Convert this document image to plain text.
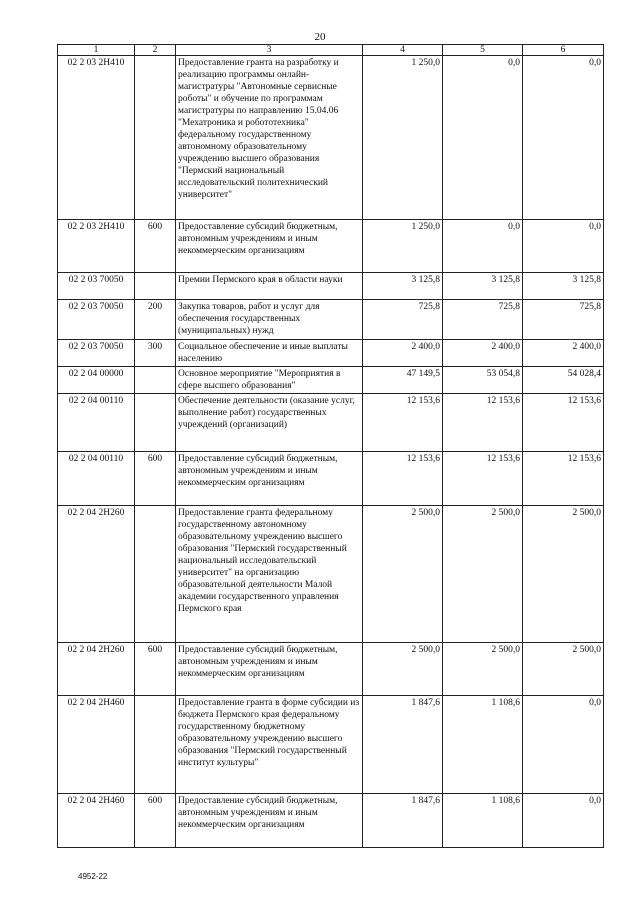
20
1	2	3	4	5	6
02 2 03 2Н410		Предоставление гранта на разработку и реализацию программы онлайн-магистратуры "Автономные сервисные роботы" и обучение по программам магистратуры по направлению 15.04.06 "Мехатроника и робототехника" федеральному государственному автономному образовательному учреждению высшего образования "Пермский национальный исследовательский политехнический университет"	1 250,0	0,0	0,0
02 2 03 2Н410	600	Предоставление субсидий бюджетным, автономным учреждениям и иным некоммерческим организациям	1 250,0	0,0	0,0
02 2 03 70050		Премии Пермского края в области науки	3 125,8	3 125,8	3 125,8
02 2 03 70050	200	Закупка товаров, работ и услуг для обеспечения государственных (муниципальных) нужд	725,8	725,8	725,8
02 2 03 70050	300	Социальное обеспечение и иные выплаты населению	2 400,0	2 400,0	2 400,0
02 2 04 00000		Основное мероприятие "Мероприятия в сфере высшего образования"	47 149,5	53 054,8	54 028,4
02 2 04 00110		Обеспечение деятельности (оказание услуг, выполнение работ) государственных учреждений (организаций)	12 153,6	12 153,6	12 153,6
02 2 04 00110	600	Предоставление субсидий бюджетным, автономным учреждениям и иным некоммерческим организациям	12 153,6	12 153,6	12 153,6
02 2 04 2Н260		Предоставление гранта федеральному государственному автономному образовательному учреждению высшего образования "Пермский государственный национальный исследовательский университет" на организацию образовательной деятельности Малой академии государственного управления Пермского края	2 500,0	2 500,0	2 500,0
02 2 04 2Н260	600	Предоставление субсидий бюджетным, автономным учреждениям и иным некоммерческим организациям	2 500,0	2 500,0	2 500,0
02 2 04 2Н460		Предоставление гранта в форме субсидии из бюджета Пермского края федеральному государственному бюджетному образовательному учреждению высшего образования "Пермский государственный институт культуры"	1 847,6	1 108,6	0,0
02 2 04 2Н460	600	Предоставление субсидий бюджетным, автономным учреждениям и иным некоммерческим организациям	1 847,6	1 108,6	0,0
4952-22
